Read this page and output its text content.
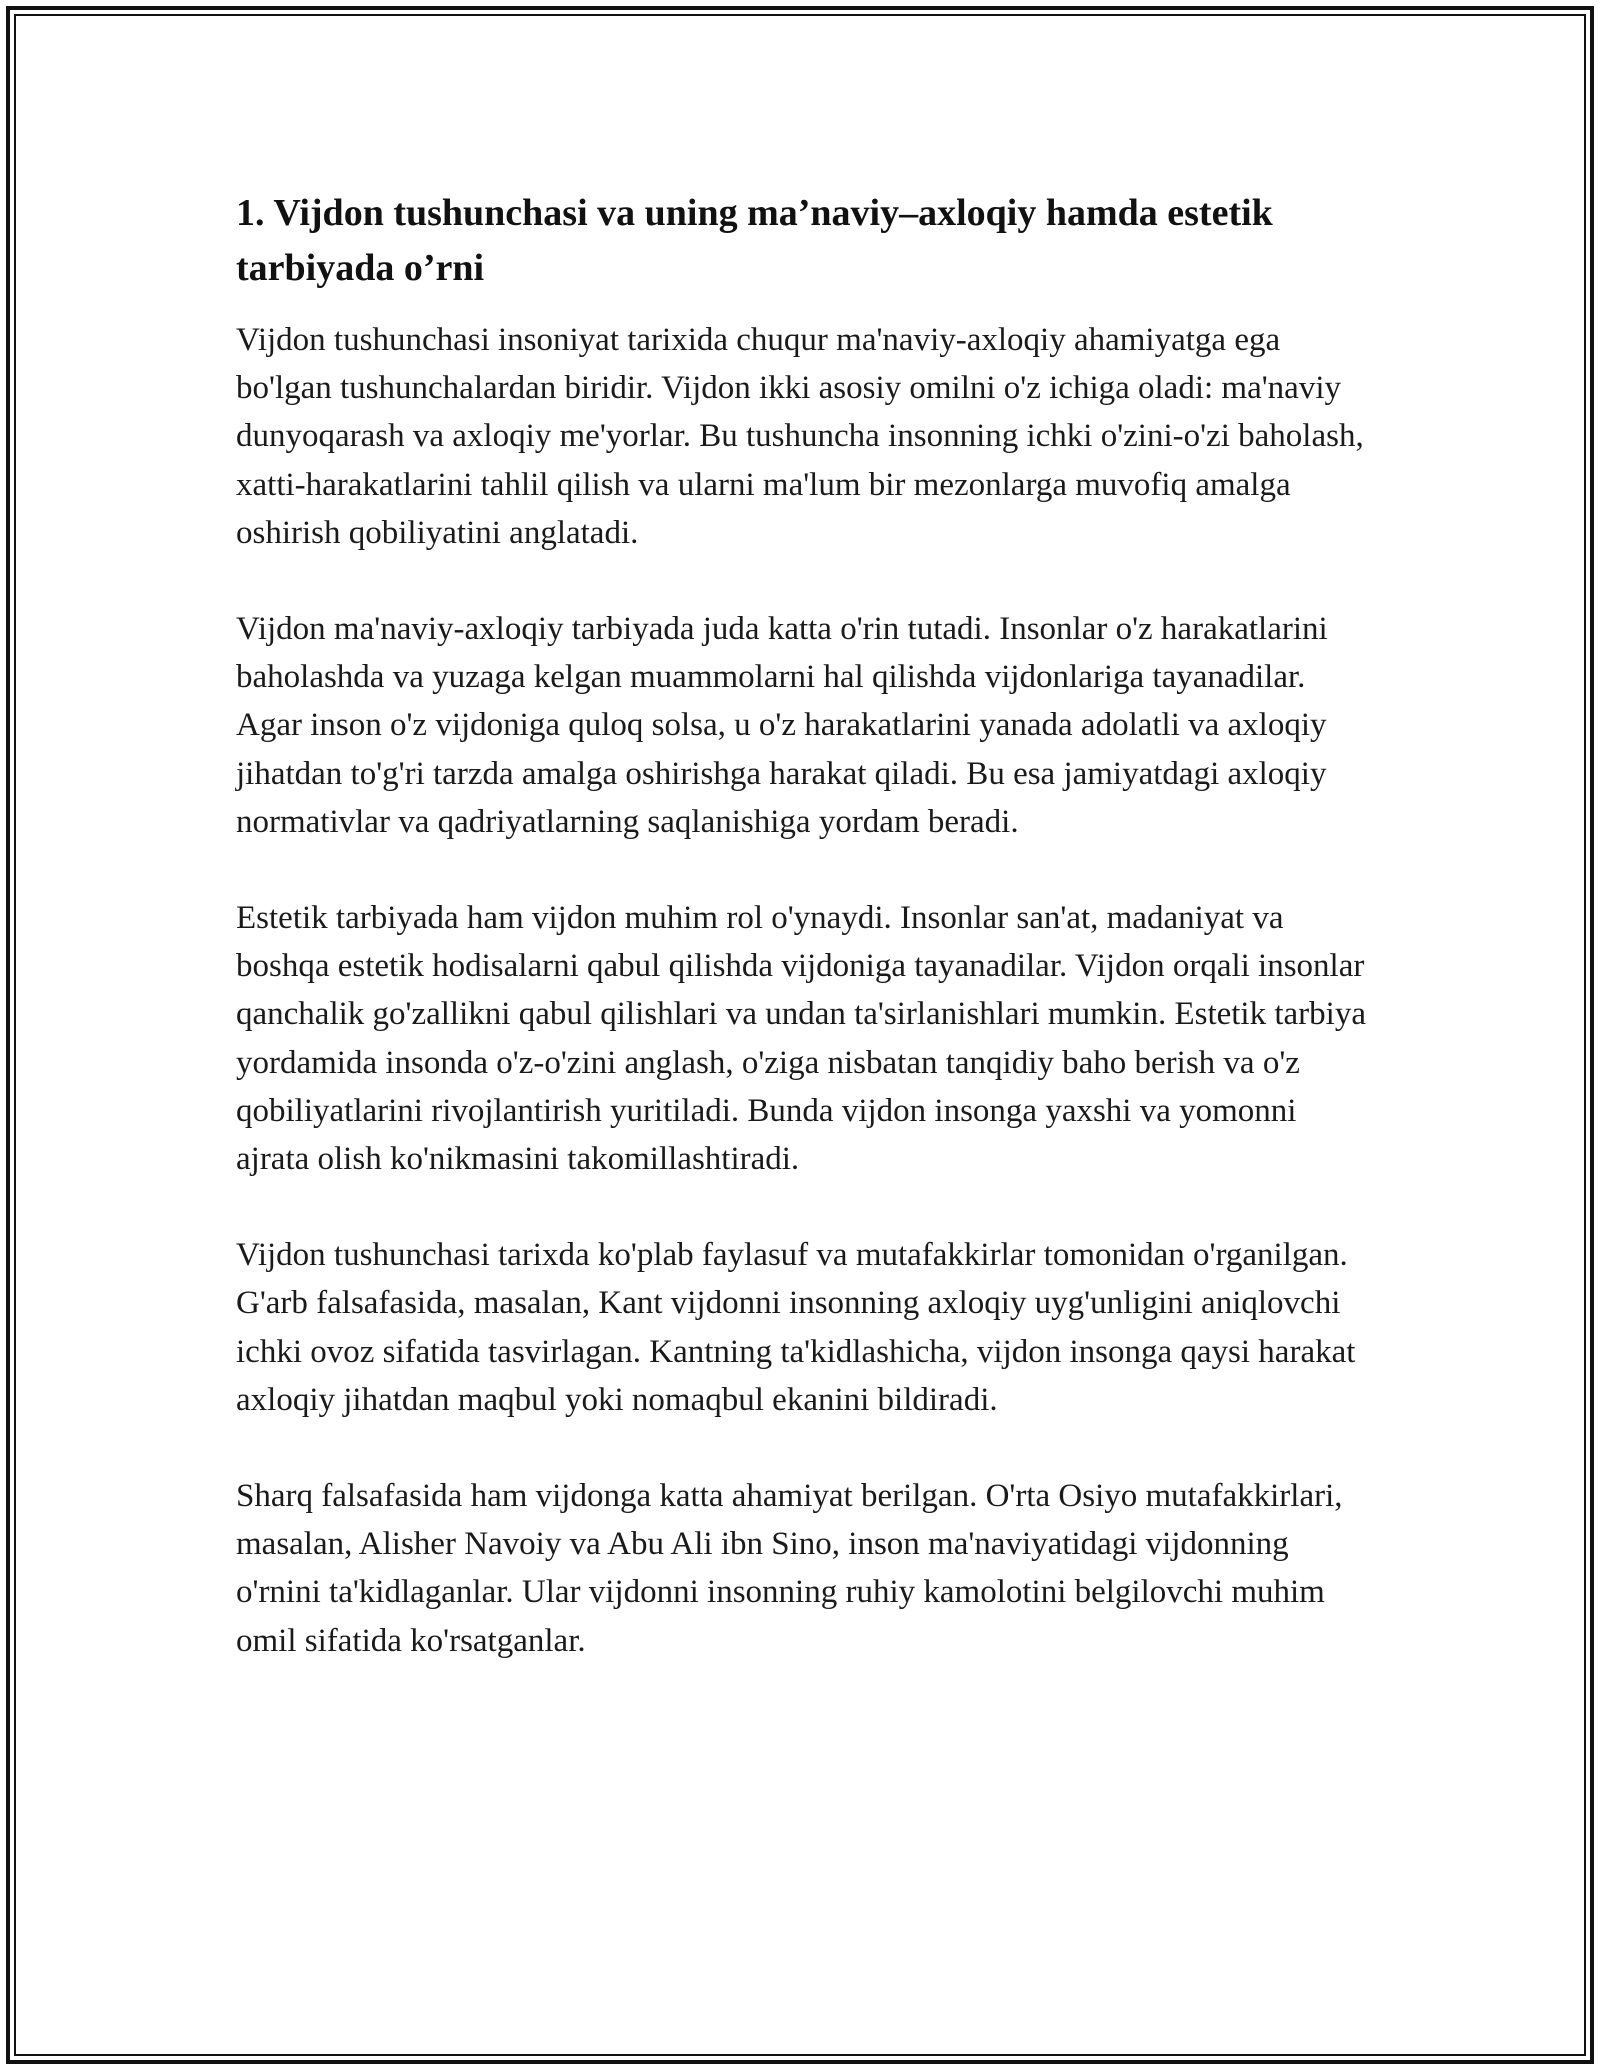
1. Vijdon tushunchasi va uning ma’naviy–axloqiy hamda estetik tarbiyada o’rni

Vijdon tushunchasi insoniyat tarixida chuqur ma'naviy-axloqiy ahamiyatga ega bo'lgan tushunchalardan biridir. Vijdon ikki asosiy omilni o'z ichiga oladi: ma'naviy dunyoqarash va axloqiy me'yorlar. Bu tushuncha insonning ichki o'zini-o'zi baholash, xatti-harakatlarini tahlil qilish va ularni ma'lum bir mezonlarga muvofiq amalga oshirish qobiliyatini anglatadi.

Vijdon ma'naviy-axloqiy tarbiyada juda katta o'rin tutadi. Insonlar o'z harakatlarini baholashda va yuzaga kelgan muammolarni hal qilishda vijdonlariga tayanadilar. Agar inson o'z vijdoniga quloq solsa, u o'z harakatlarini yanada adolatli va axloqiy jihatdan to'g'ri tarzda amalga oshirishga harakat qiladi. Bu esa jamiyatdagi axloqiy normativlar va qadriyatlarning saqlanishiga yordam beradi.

Estetik tarbiyada ham vijdon muhim rol o'ynaydi. Insonlar san'at, madaniyat va boshqa estetik hodisalarni qabul qilishda vijdoniga tayanadilar. Vijdon orqali insonlar qanchalik go'zallikni qabul qilishlari va undan ta'sirlanishlari mumkin. Estetik tarbiya yordamida insonda o'z-o'zini anglash, o'ziga nisbatan tanqidiy baho berish va o'z qobiliyatlarini rivojlantirish yuritiladi. Bunda vijdon insonga yaxshi va yomonni ajrata olish ko'nikmasini takomillashtiradi.

Vijdon tushunchasi tarixda ko'plab faylasuf va mutafakkirlar tomonidan o'rganilgan. G'arb falsafasida, masalan, Kant vijdonni insonning axloqiy uyg'unligini aniqlovchi ichki ovoz sifatida tasvirlagan. Kantning ta'kidlashicha, vijdon insonga qaysi harakat axloqiy jihatdan maqbul yoki nomaqbul ekanini bildiradi.

Sharq falsafasida ham vijdonga katta ahamiyat berilgan. O'rta Osiyo mutafakkirlari, masalan, Alisher Navoiy va Abu Ali ibn Sino, inson ma'naviyatidagi vijdonning o'rnini ta'kidlaganlar. Ular vijdonni insonning ruhiy kamolotini belgilovchi muhim omil sifatida ko'rsatganlar.
